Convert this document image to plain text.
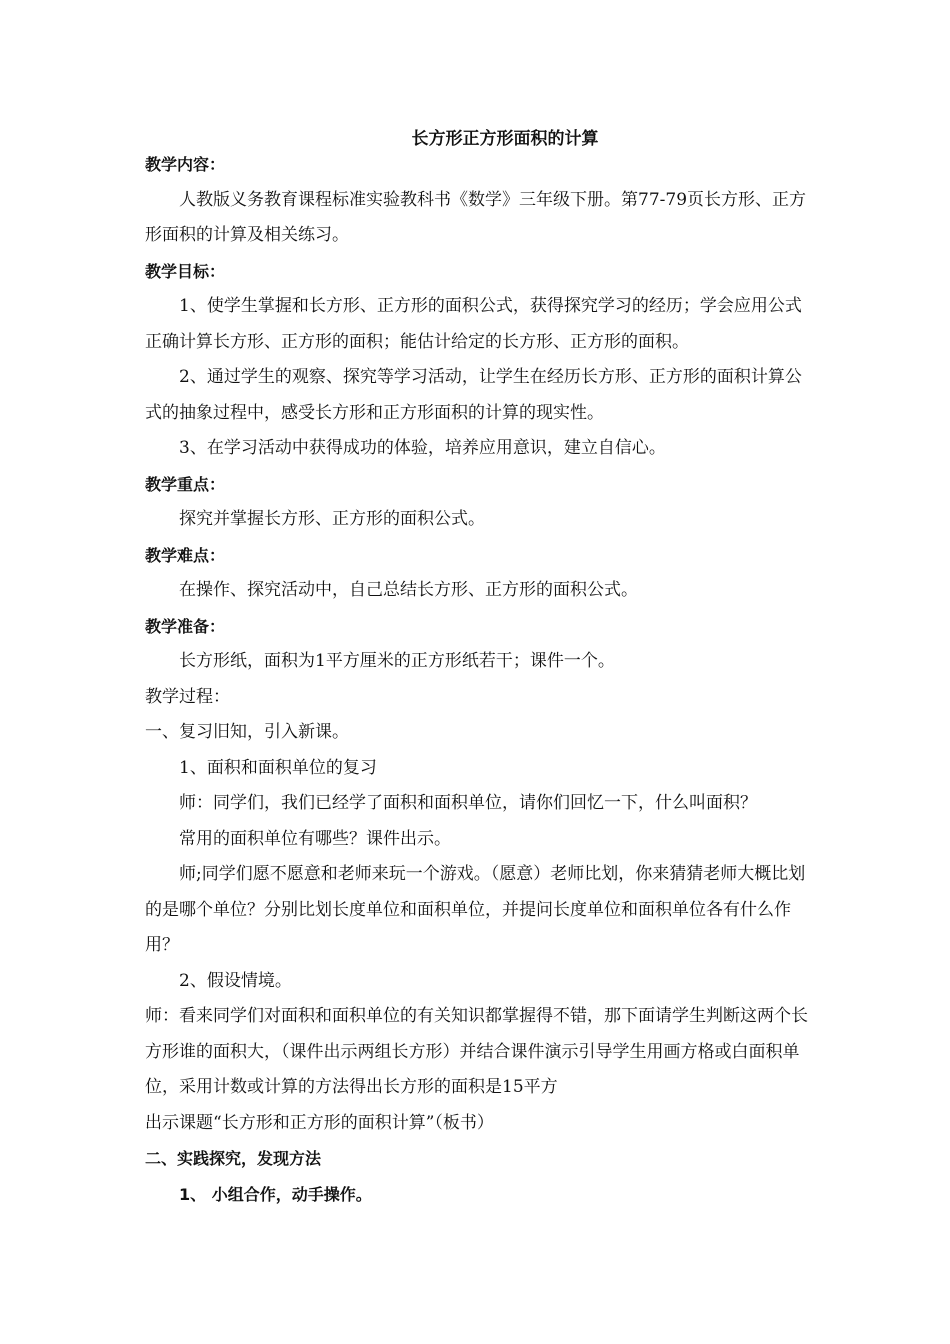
长方形正方形面积的计算

教学内容：

人教版义务教育课程标准实验教科书《数学》三年级下册。第77-79页长方形、正方形面积的计算及相关练习。

教学目标：

1、使学生掌握和长方形、正方形的面积公式，获得探究学习的经历；学会应用公式正确计算长方形、正方形的面积；能估计给定的长方形、正方形的面积。

2、通过学生的观察、探究等学习活动，让学生在经历长方形、正方形的面积计算公式的抽象过程中，感受长方形和正方形面积的计算的现实性。

3、在学习活动中获得成功的体验，培养应用意识，建立自信心。

教学重点：

探究并掌握长方形、正方形的面积公式。

教学难点：

在操作、探究活动中，自己总结长方形、正方形的面积公式。

教学准备：

长方形纸，面积为1平方厘米的正方形纸若干；课件一个。

教学过程：

一、复习旧知，引入新课。

1、面积和面积单位的复习

师：同学们，我们已经学了面积和面积单位，请你们回忆一下，什么叫面积？

常用的面积单位有哪些？课件出示。

师;同学们愿不愿意和老师来玩一个游戏。（愿意）老师比划，你来猜猜老师大概比划的是哪个单位？分别比划长度单位和面积单位，并提问长度单位和面积单位各有什么作用？

2、假设情境。

师：看来同学们对面积和面积单位的有关知识都掌握得不错，那下面请学生判断这两个长方形谁的面积大，（课件出示两组长方形）并结合课件演示引导学生用画方格或白面积单位，采用计数或计算的方法得出长方形的面积是15平方

出示课题“长方形和正方形的面积计算”（板书）

二、实践探究，发现方法

1、 小组合作，动手操作。
